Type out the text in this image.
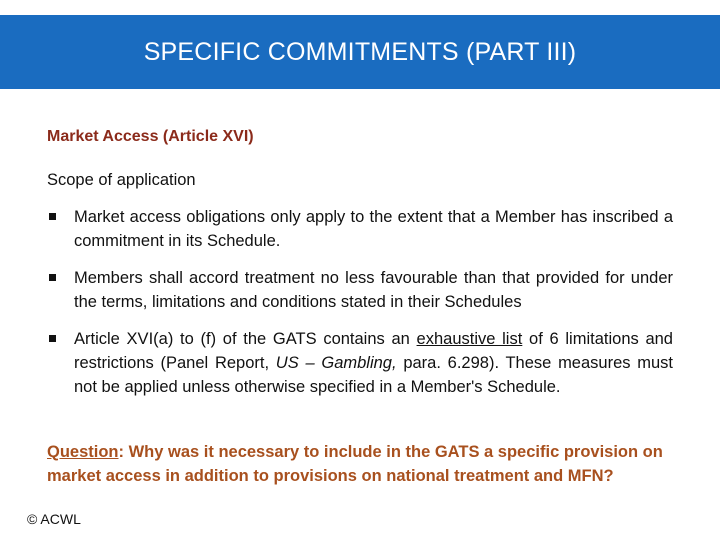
SPECIFIC COMMITMENTS (PART III)
Market Access (Article XVI)
Scope of application
Market access obligations only apply to the extent that a Member has inscribed a commitment in its Schedule.
Members shall accord treatment no less favourable than that provided for under the terms, limitations and conditions stated in their Schedules
Article XVI(a) to (f) of the GATS contains an exhaustive list of 6 limitations and restrictions (Panel Report, US – Gambling, para. 6.298). These measures must not be applied unless otherwise specified in a Member's Schedule.
Question: Why was it necessary to include in the GATS a specific provision on market access in addition to provisions on national treatment and MFN?
© ACWL
